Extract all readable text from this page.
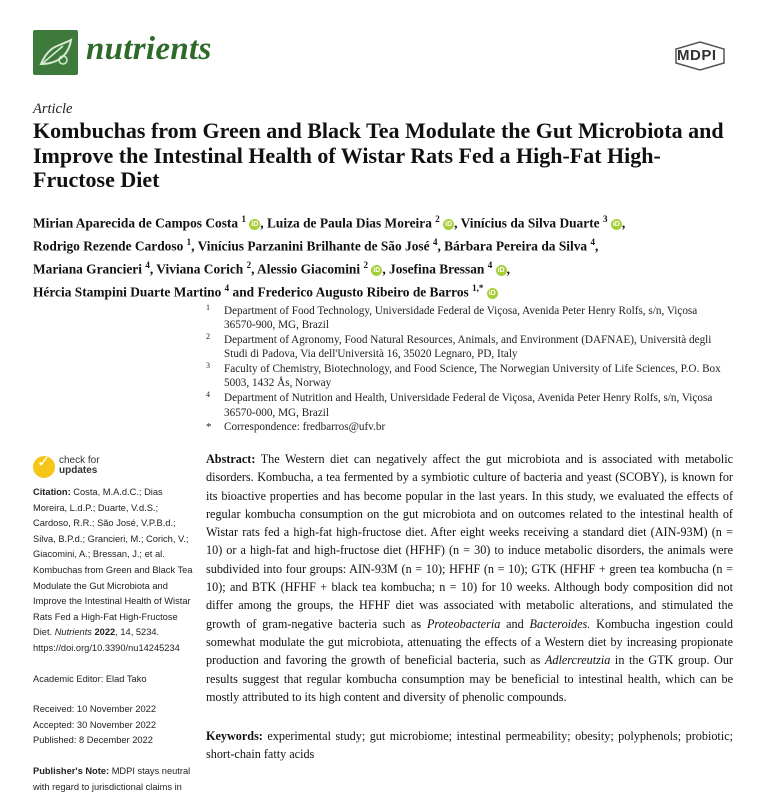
nutrients	MDPI
Article
Kombuchas from Green and Black Tea Modulate the Gut Microbiota and Improve the Intestinal Health of Wistar Rats Fed a High-Fat High-Fructose Diet
Mirian Aparecida de Campos Costa $^1$ iD , Luiza de Paula Dias Moreira $^2$ iD , Vinícius da Silva Duarte $^3$ iD ,
Rodrigo Rezende Cardoso $^1$, Vinícius Parzanini Brilhante de São José $^4$, Bárbara Pereira da Silva $^4$,
Mariana Grancieri $^4$, Viviana Corich $^2$, Alessio Giacomini $^2$ iD , Josefina Bressan $^4$ iD ,
Hércia Stampini Duarte Martino $^4$ and Frederico Augusto Ribeiro de Barros $^{1,*}$ iD
1 Department of Food Technology, Universidade Federal de Viçosa, Avenida Peter Henry Rolfs, s/n, Viçosa 36570-900, MG, Brazil
2 Department of Agronomy, Food Natural Resources, Animals, and Environment (DAFNAE), Università degli Studi di Padova, Via dell'Università 16, 35020 Legnaro, PD, Italy
3 Faculty of Chemistry, Biotechnology, and Food Science, The Norwegian University of Life Sciences, P.O. Box 5003, 1432 Ås, Norway
4 Department of Nutrition and Health, Universidade Federal de Viçosa, Avenida Peter Henry Rolfs, s/n, Viçosa 36570-000, MG, Brazil
* Correspondence: fredbarros@ufv.br
✓ check for
updates

Citation: Costa, M.A.d.C.; Dias Moreira, L.d.P.; Duarte, V.d.S.; Cardoso, R.R.; São José, V.P.B.d.; Silva, B.P.d.; Grancieri, M.; Corich, V.; Giacomini, A.; Bressan, J.; et al. Kombuchas from Green and Black Tea Modulate the Gut Microbiota and Improve the Intestinal Health of Wistar Rats Fed a High-Fat High-Fructose Diet. Nutrients 2022, 14, 5234. https://doi.org/10.3390/nu14245234

Academic Editor: Elad Tako

Received: 10 November 2022

Accepted: 30 November 2022

Published: 8 December 2022

Publisher's Note: MDPI stays neutral with regard to jurisdictional claims in

Abstract: The Western diet can negatively affect the gut microbiota and is associated with metabolic disorders. Kombucha, a tea fermented by a symbiotic culture of bacteria and yeast (SCOBY), is known for its bioactive properties and has become popular in the last years. In this study, we evaluated the effects of regular kombucha consumption on the gut microbiota and on outcomes related to the intestinal health of Wistar rats fed a high-fat high-fructose diet. After eight weeks receiving a standard diet (AIN-93M) (n = 10) or a high-fat and high-fructose diet (HFHF) (n = 30) to induce metabolic disorders, the animals were subdivided into four groups: AIN-93M (n = 10); HFHF (n = 10); GTK (HFHF + green tea kombucha (n = 10); and BTK (HFHF + black tea kombucha; n = 10) for 10 weeks. Although body composition did not differ among the groups, the HFHF diet was associated with metabolic alterations, and stimulated the growth of gram-negative bacteria such as Proteobacteria and Bacteroides. Kombucha ingestion could somewhat modulate the gut microbiota, attenuating the effects of a Western diet by increasing propionate production and favoring the growth of beneficial bacteria, such as Adlercreutzia in the GTK group. Our results suggest that regular kombucha consumption may be beneficial to intestinal health, which can be mostly attributed to its high content and diversity of phenolic compounds.

Keywords: experimental study; gut microbiome; intestinal permeability; obesity; polyphenols; probiotic; short-chain fatty acids
